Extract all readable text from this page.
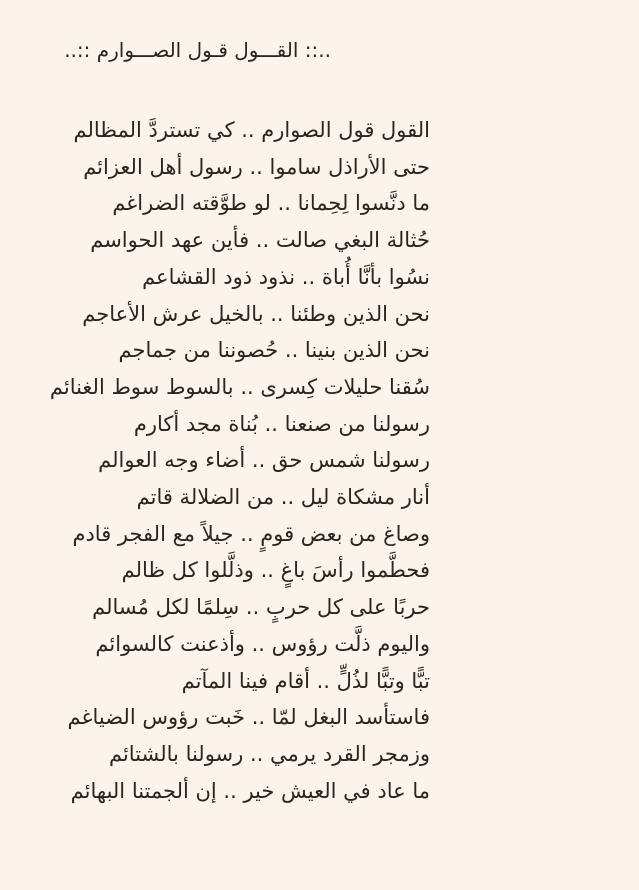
..:: القـــول قـول الصـــوارم ::..
القول قول الصوارم .. كي تستردَّ المظالم
حتى الأراذل ساموا .. رسول أهل العزائم
ما دنَّسوا لِحِمانا .. لو طوَّقته الضراغم
حُثالة البغي صالت .. فأين عهد الحواسم
نسُوا بأنَّا أُباة .. نذود ذود القشاعم
نحن الذين وطئنا .. بالخيل عرش الأعاجم
نحن الذين بنينا .. حُصوننا من جماجم
سُقنا حليلات كِسرى .. بالسوط سوط الغنائم
رسولنا من صنعنا .. بُناة مجد أكارم
رسولنا شمس حق .. أضاء وجه العوالم
أنار مشكاة ليل .. من الضلالة قاتم
وصاغ من بعض قومٍ .. جيلاً مع الفجر قادم
فحطَّموا رأسَ باغٍ .. وذلَّلوا كل ظالم
حربًا على كل حربٍ .. سِلمًا لكل مُسالم
واليوم ذلَّت رؤوس .. وأذعنت كالسوائم
تبًّا وتبًّا لذُلٍّ .. أقام فينا المآتم
فاستأسد البغل لمّا .. خَبت رؤوس الضياغم
وزمجر القرد يرمي .. رسولنا بالشتائم
ما عاد في العيش خير .. إن ألجمتنا البهائم
